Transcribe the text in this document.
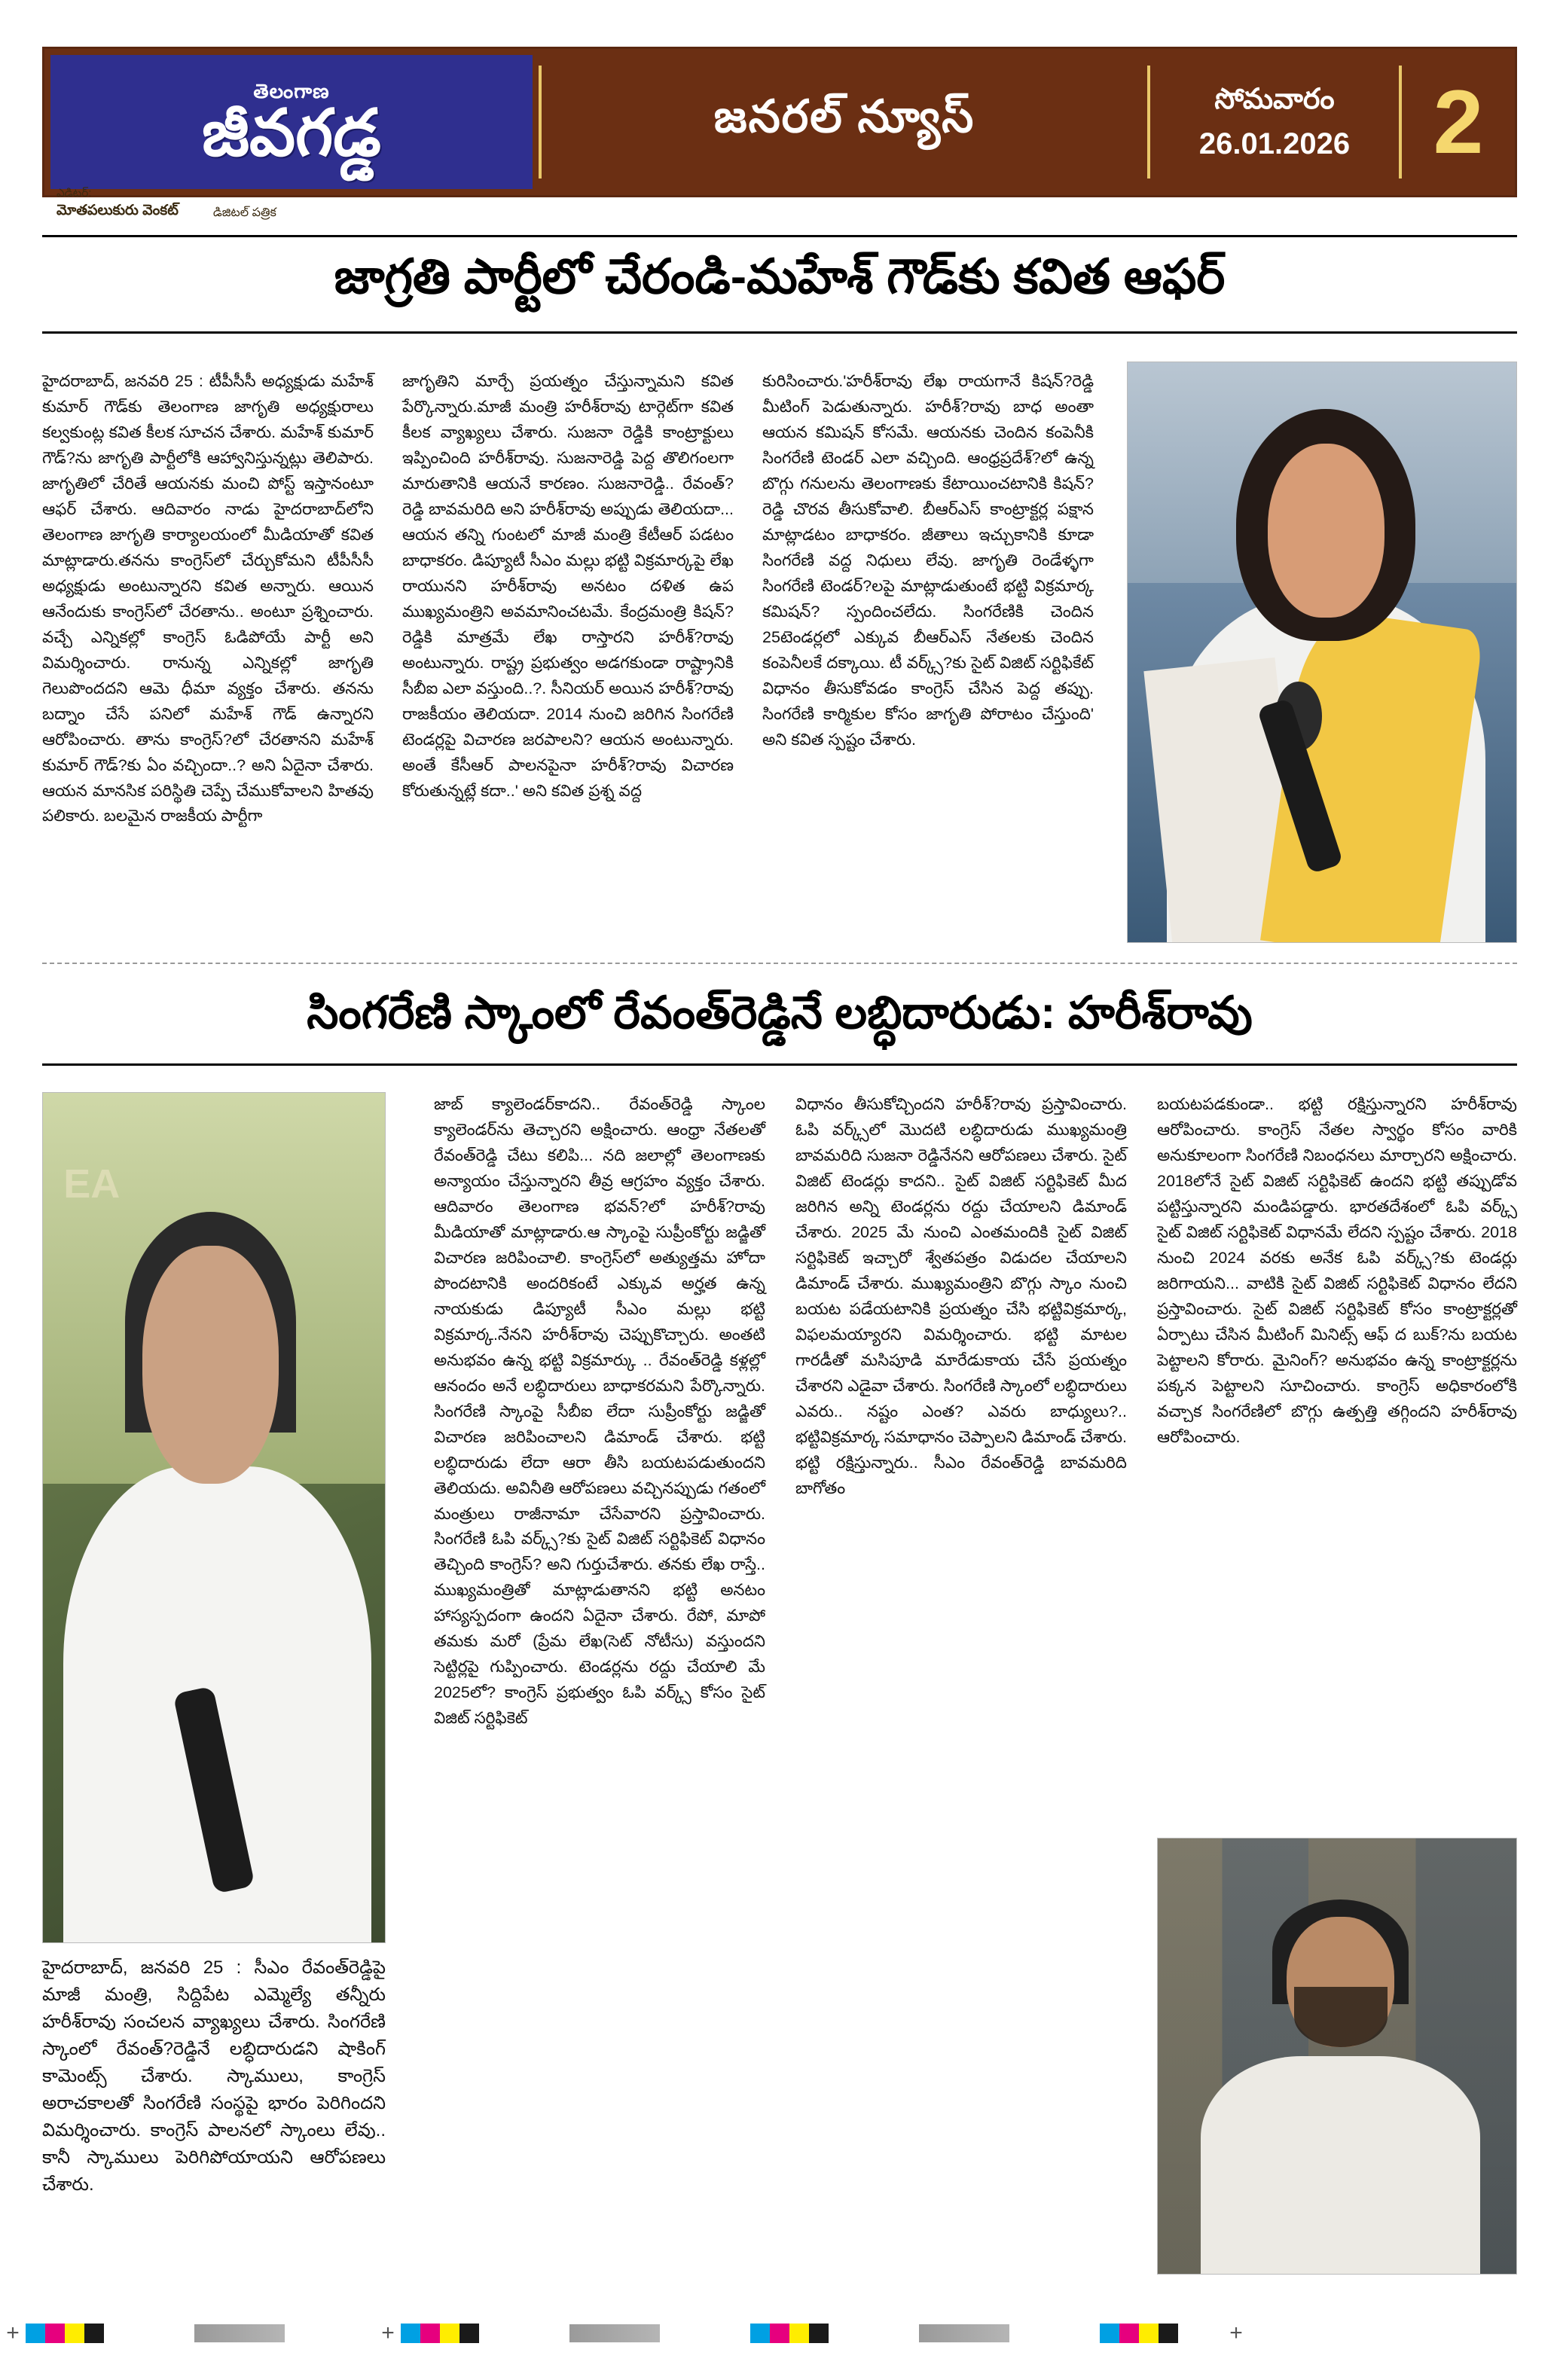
తెలంగాణ
జీవగడ్డ
ఎడిటర్:
మోతపలుకురు వెంకట్	డిజిటల్ పత్రిక
జనరల్ న్యూస్	సోమవారం
26.01.2026 2
జాగ్రతి పార్టీలో చేరండి-మహేశ్ గౌడ్‌కు కవిత ఆఫర్
హైదరాబాద్, జనవరి 25 : టీపీసీసీ అధ్యక్షుడు మహేశ్ కుమార్ గౌడ్‌కు తెలంగాణ జాగృతి అధ్యక్షురాలు కల్వకుంట్ల కవిత కీలక సూచన చేశారు. మహేశ్ కుమార్ గౌడ్?ను జాగృతి పార్టీలోకి ఆహ్వానిస్తున్నట్లు తెలిపారు. జాగృతిలో చేరితే ఆయనకు మంచి పోస్ట్ ఇస్తానంటూ ఆఫర్ చేశారు. ఆదివారం నాడు హైదరాబాద్‌లోని తెలంగాణ జాగృతి కార్యాలయంలో మీడియాతో కవిత మాట్లాడారు.తనను కాంగ్రెస్‌లో చేర్చుకోమని టీపీసీసీ అధ్యక్షుడు అంటున్నారని కవిత అన్నారు. ఆయిన ఆనేందుకు కాంగ్రెస్‌లో చేరతాను.. అంటూ ప్రశ్నించారు. వచ్చే ఎన్నికల్లో కాంగ్రెస్ ఓడిపోయే పార్టీ అని విమర్శించారు. రానున్న ఎన్నికల్లో జాగృతి గెలుపొందదని ఆమె ధీమా వ్యక్తం చేశారు. తనను బద్నాం చేసే పనిలో మహేశ్ గౌడ్ ఉన్నారని ఆరోపించారు. తాను కాంగ్రెస్?లో చేరతానని మహేశ్ కుమార్ గౌడ్?కు ఏం వచ్చిందా..? అని ఏదైనా చేశారు. ఆయన మానసిక పరిస్థితి చెప్పే చేముకోవాలని హితవు పలికారు. బలమైన రాజకీయ పార్టీగా
జాగృతిని మార్చే ప్రయత్నం చేస్తున్నామని కవిత పేర్కొన్నారు.మాజీ మంత్రి హరీశ్‌రావు టార్గెట్‌గా కవిత కీలక వ్యాఖ్యలు చేశారు. సుజనా రెడ్డికి కాంట్రాక్టులు ఇప్పించింది హరీశ్‌రావు. సుజనారెడ్డి పెద్ద తొలిగంలగా మారుతానికి ఆయనే కారణం. సుజనారెడ్డి.. రేవంత్?రెడ్డి బావమరిది అని హరీశ్‌రావు అప్పుడు తెలియదా... ఆయన తన్ని గుంటలో మాజీ మంత్రి కేటీఆర్ పడటం బాధాకరం. డిప్యూటీ సీఎం మల్లు భట్టి విక్రమార్కపై లేఖ రాయునని హరీశ్‌రావు అనటం దళిత ఉప ముఖ్యమంత్రిని అవమానించటమే. కేంద్రమంత్రి కిషన్?రెడ్డికి మాత్రమే లేఖ రాస్తారని హరీశ్?రావు అంటున్నారు. రాష్ట్ర ప్రభుత్వం అడగకుండా రాష్ట్రానికి సీబీఐ ఎలా వస్తుంది..?. సీనియర్ అయిన హరీశ్?రావు రాజకీయం తెలియదా. 2014 నుంచి జరిగిన సింగరేణి టెండర్లపై విచారణ జరపాలని? ఆయన అంటున్నారు. అంతే కేసీఆర్ పాలనపైనా హరీశ్?రావు విచారణ కోరుతున్నట్లే కదా..' అని కవిత ప్రశ్న వద్ద
కురిసించారు.'హరీశ్‌రావు లేఖ రాయగానే కిషన్?రెడ్డి మీటింగ్ పెడుతున్నారు. హరీశ్?రావు బాధ అంతా ఆయన కమిషన్ కోసమే. ఆయనకు చెందిన కంపెనీకి సింగరేణి టెండర్ ఎలా వచ్చింది. ఆంధ్రప్రదేశ్?లో ఉన్న బొగ్గు గనులను తెలంగాణకు కేటాయించటానికి కిషన్?రెడ్డి చొరవ తీసుకోవాలి. బీఆర్ఎస్ కాంట్రాక్టర్ల పక్షాన మాట్లాడటం బాధాకరం. జీతాలు ఇచ్చుకానికి కూడా సింగరేణి వద్ద నిధులు లేవు. జాగృతి రెండేళ్ళగా సింగరేణి టెండర్?లపై మాట్లాడుతుంటే భట్టి విక్రమార్క కమిషన్? స్పందించలేదు. సింగరేణికి చెందిన 25టెండర్లలో ఎక్కువ బీఆర్ఎస్ నేతలకు చెందిన కంపెనీలకే దక్కాయి. టీ వర్క్స్?కు సైట్ విజిట్ సర్టిఫికేట్ విధానం తీసుకోవడం కాంగ్రెస్ చేసిన పెద్ద తప్పు. సింగరేణి కార్మికుల కోసం జాగృతి పోరాటం చేస్తుంది' అని కవిత స్పష్టం చేశారు.
సింగరేణి స్కాంలో రేవంత్‌రెడ్డినే లబ్ధిదారుడు: హరీశ్‌రావు
EA
హైదరాబాద్, జనవరి 25 : సీఎం రేవంత్‌రెడ్డిపై మాజీ మంత్రి, సిద్దిపేట ఎమ్మెల్యే తన్నీరు హరీశ్‌రావు సంచలన వ్యాఖ్యలు చేశారు. సింగరేణి స్కాంలో రేవంత్?రెడ్డినే లబ్ధిదారుడని షాకింగ్ కామెంట్స్ చేశారు. స్కాములు, కాంగ్రెస్ అరాచకాలతో సింగరేణి సంస్థపై భారం పెరిగిందని విమర్శించారు. కాంగ్రెస్ పాలనలో స్కాంలు లేవు.. కానీ స్కాములు పెరిగిపోయాయని ఆరోపణలు చేశారు.
జాబ్ క్యాలెండర్‌కాదని.. రేవంత్‌రెడ్డి స్కాంల క్యాలెండర్‌ను తెచ్చారని అక్షించారు. ఆంధ్రా నేతలతో రేవంత్‌రెడ్డి చేటు కలిపి... నది జలాల్లో తెలంగాణకు అన్యాయం చేస్తున్నారని తీవ్ర ఆగ్రహం వ్యక్తం చేశారు. ఆదివారం తెలంగాణ భవన్?లో హరీశ్?రావు మీడియాతో మాట్లాడారు.ఆ స్కాంపై సుప్రీంకోర్టు జడ్జితో విచారణ జరిపించాలి. కాంగ్రెస్‌లో అత్యుత్తమ హోదా పొందటానికి అందరికంటే ఎక్కువ అర్హత ఉన్న నాయకుడు డిప్యూటీ సీఎం మల్లు భట్టి విక్రమార్క.నేనని హరీశ్‌రావు చెప్పుకొచ్చారు. అంతటి అనుభవం ఉన్న భట్టి విక్రమార్కు .. రేవంత్‌రెడ్డి కళ్లల్లో ఆనందం అనే లబ్ధిదారులు బాధాకరమని పేర్కొన్నారు. సింగరేణి స్కాంపై సీబీఐ లేదా సుప్రీంకోర్టు జడ్జితో విచారణ జరిపించాలని డిమాండ్ చేశారు. భట్టి లబ్ధిదారుడు లేదా ఆరా తీసి బయటపడుతుందని తెలియదు. అవినీతి ఆరోపణలు వచ్చినప్పుడు గతంలో మంత్రులు రాజీనామా చేసేవారని ప్రస్తావించారు. సింగరేణి ఓపి వర్క్స్?కు సైట్ విజిట్ సర్టిఫికెట్ విధానం తెచ్చింది కాంగ్రెస్? అని గుర్తుచేశారు. తనకు లేఖ రాస్తే.. ముఖ్యమంత్రితో మాట్లాడుతానని భట్టి అనటం హాస్యస్పదంగా ఉందని ఏదైనా చేశారు. రేపో, మాపో తమకు మరో (ప్రేమ లేఖ(సెట్ నోటీసు) వస్తుందని సెట్టిర్లపై గుప్పించారు. టెండర్లను రద్దు చేయాలి మే 2025లో? కాంగ్రెస్ ప్రభుత్వం ఓపి వర్క్స్ కోసం సైట్ విజిట్ సర్టిఫికెట్
విధానం తీసుకోచ్చిందని హరీశ్?రావు ప్రస్తావించారు. ఓపి వర్క్స్‌లో మొదటి లబ్ధిదారుడు ముఖ్యమంత్రి బావమరిది సుజనా రెడ్డినేనని ఆరోపణలు చేశారు. సైట్ విజిట్ టెండర్లు కాదని.. సైట్ విజిట్ సర్టిఫికెట్ మీద జరిగిన అన్ని టెండర్లను రద్దు చేయాలని డిమాండ్ చేశారు. 2025 మే నుంచి ఎంతమందికి సైట్ విజిట్ సర్టిఫికెట్ ఇచ్చారో శ్వేతపత్రం విడుదల చేయాలని డిమాండ్ చేశారు. ముఖ్యమంత్రిని బొగ్గు స్కాం నుంచి బయట పడేయటానికి ప్రయత్నం చేసి భట్టివిక్రమార్క, విఫలమయ్యారని విమర్శించారు. భట్టి మాటల గారడీతో మసిపూడి మారేడుకాయ చేసే ప్రయత్నం చేశారని ఎడైవా చేశారు. సింగరేణి స్కాంలో లబ్ధిదారులు ఎవరు.. నష్టం ఎంత? ఎవరు బాధ్యులు?.. భట్టివిక్రమార్క సమాధానం చెప్పాలని డిమాండ్ చేశారు. భట్టి రక్షిస్తున్నారు.. సీఎం రేవంత్‌రెడ్డి బావమరిది బాగోతం
బయటపడకుండా.. భట్టి రక్షిస్తున్నారని హరీశ్‌రావు ఆరోపించారు. కాంగ్రెస్ నేతల స్వార్థం కోసం వారికి అనుకూలంగా సింగరేణి నిబంధనలు మార్చారని అక్షించారు. 2018లోనే సైట్ విజిట్ సర్టిఫికెట్ ఉందని భట్టి తప్పుడోవ పట్టిస్తున్నారని మండిపడ్డారు. భారతదేశంలో ఓపి వర్క్స్ సైట్ విజిట్ సర్టిఫికెట్ విధానమే లేదని స్పష్టం చేశారు. 2018 నుంచి 2024 వరకు అనేక ఓపి వర్క్స్?కు టెండర్లు జరిగాయని... వాటికి సైట్ విజిట్ సర్టిఫికెట్ విధానం లేదని ప్రస్తావించారు. సైట్ విజిట్ సర్టిఫికెట్ కోసం కాంట్రాక్టర్లతో ఏర్పాటు చేసిన మీటింగ్ మినిట్స్ ఆఫ్ ద బుక్?ను బయట పెట్టాలని కోరారు. మైనింగ్? అనుభవం ఉన్న కాంట్రాక్టర్లను పక్కన పెట్టాలని సూచించారు. కాంగ్రెస్ అధికారంలోకి వచ్చాక సింగరేణిలో బొగ్గు ఉత్పత్తి తగ్గిందని హరీశ్‌రావు ఆరోపించారు.
+	+	+
